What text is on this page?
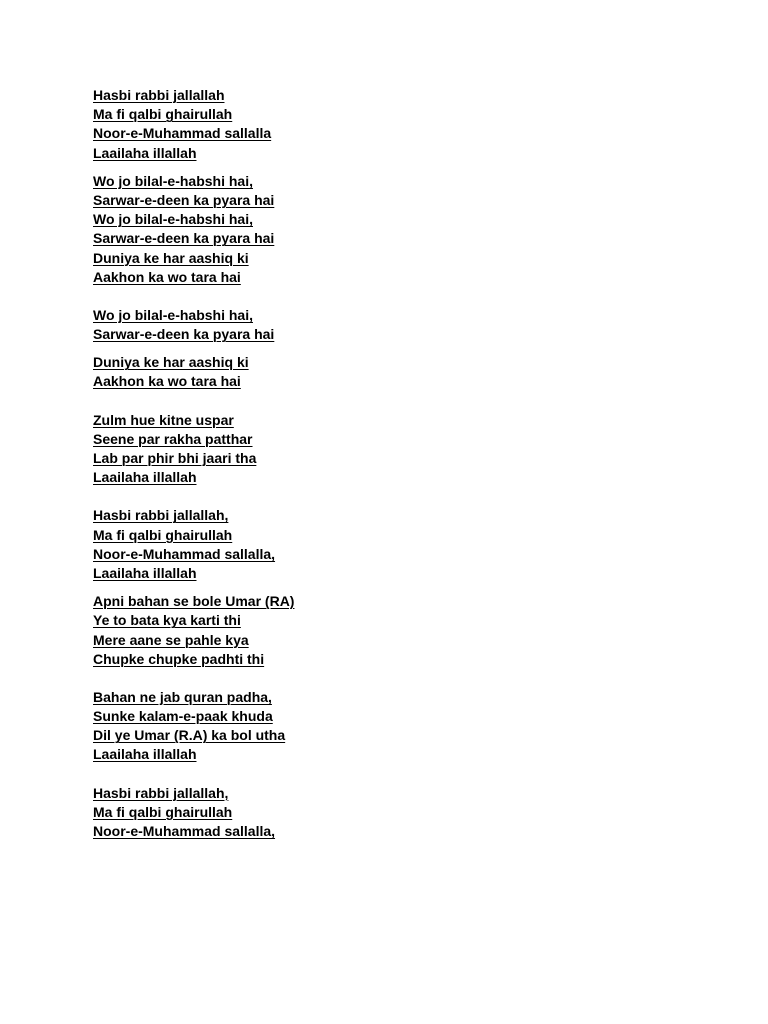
Hasbi rabbi jallallah
Ma fi qalbi ghairullah
Noor-e-Muhammad sallalla
Laailaha illallah
Wo jo bilal-e-habshi hai,
Sarwar-e-deen ka pyara hai
Wo jo bilal-e-habshi hai,
Sarwar-e-deen ka pyara hai
Duniya ke har aashiq ki
Aakhon ka wo tara hai
Wo jo bilal-e-habshi hai,
Sarwar-e-deen ka pyara hai
Duniya ke har aashiq ki
Aakhon ka wo tara hai
Zulm hue kitne uspar
Seene par rakha patthar
Lab par phir bhi jaari tha
Laailaha illallah
Hasbi rabbi jallallah,
Ma fi qalbi ghairullah
Noor-e-Muhammad sallalla,
Laailaha illallah
Apni bahan se bole Umar (RA)
Ye to bata kya karti thi
Mere aane se pahle kya
Chupke chupke padhti thi
Bahan ne jab quran padha,
Sunke kalam-e-paak khuda
Dil ye Umar (R.A) ka bol utha
Laailaha illallah
Hasbi rabbi jallallah,
Ma fi qalbi ghairullah
Noor-e-Muhammad sallalla,
